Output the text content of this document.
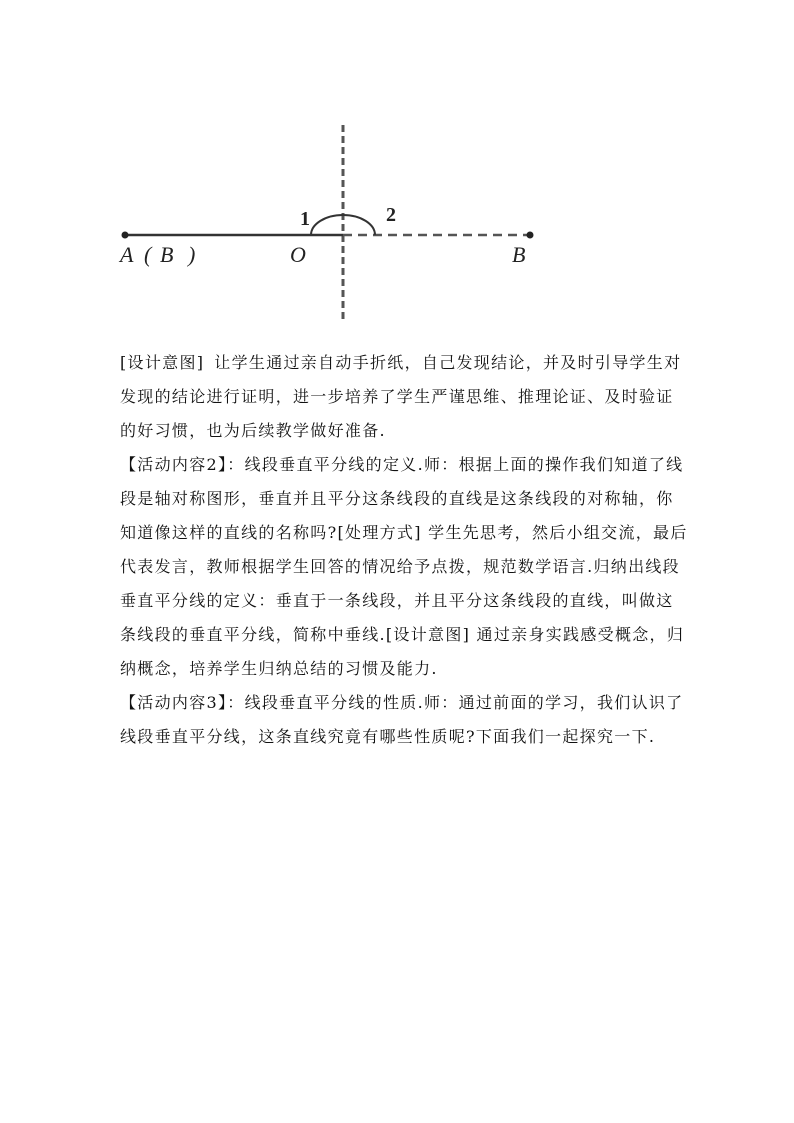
A ( B )	O	B
1	2

[设计意图] 让学生通过亲自动手折纸，自己发现结论，并及时引导学生对发现的结论进行证明，进一步培养了学生严谨思维、推理论证、及时验证的好习惯，也为后续教学做好准备.

【活动内容2】：线段垂直平分线的定义.师：根据上面的操作我们知道了线段是轴对称图形，垂直并且平分这条线段的直线是这条线段的对称轴，你知道像这样的直线的名称吗?[处理方式] 学生先思考，然后小组交流，最后代表发言，教师根据学生回答的情况给予点拨，规范数学语言.归纳出线段垂直平分线的定义：垂直于一条线段，并且平分这条线段的直线，叫做这条线段的垂直平分线，简称中垂线.[设计意图] 通过亲身实践感受概念，归纳概念，培养学生归纳总结的习惯及能力.

【活动内容3】：线段垂直平分线的性质.师：通过前面的学习，我们认识了线段垂直平分线，这条直线究竟有哪些性质呢?下面我们一起探究一下.
